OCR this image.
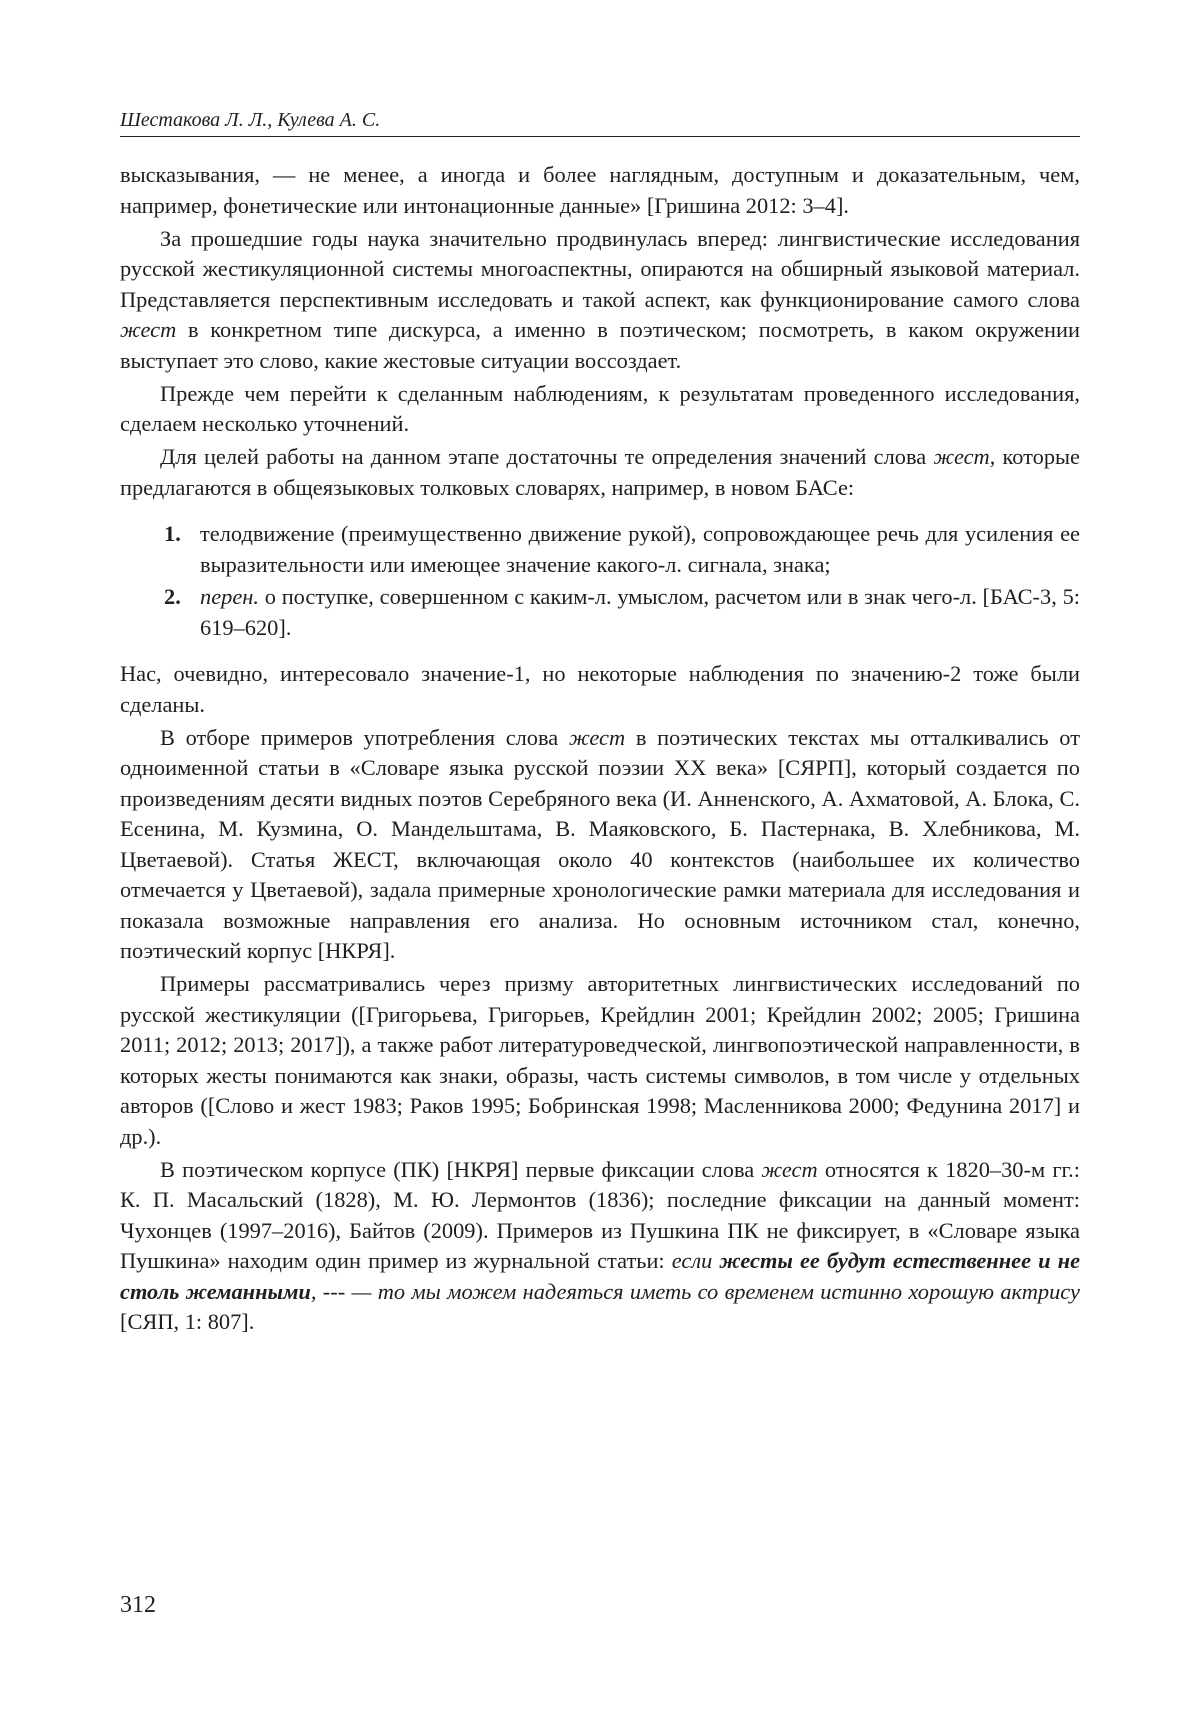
Шестакова Л. Л., Кулева А. С.

высказывания, — не менее, а иногда и более наглядным, доступным и доказательным, чем, например, фонетические или интонационные данные» [Гришина 2012: 3–4].

За прошедшие годы наука значительно продвинулась вперед: лингвистические исследования русской жестикуляционной системы многоаспектны, опираются на обширный языковой материал. Представляется перспективным исследовать и такой аспект, как функционирование самого слова жест в конкретном типе дискурса, а именно в поэтическом; посмотреть, в каком окружении выступает это слово, какие жестовые ситуации воссоздает.

Прежде чем перейти к сделанным наблюдениям, к результатам проведенного исследования, сделаем несколько уточнений.

Для целей работы на данном этапе достаточны те определения значений слова жест, которые предлагаются в общеязыковых толковых словарях, например, в новом БАСе:

1. телодвижение (преимущественно движение рукой), сопровождающее речь для усиления ее выразительности или имеющее значение какого-л. сигнала, знака;
2. перен. о поступке, совершенном с каким-л. умыслом, расчетом или в знак чего-л. [БАС-3, 5: 619–620].

Нас, очевидно, интересовало значение-1, но некоторые наблюдения по значению-2 тоже были сделаны.

В отборе примеров употребления слова жест в поэтических текстах мы отталкивались от одноименной статьи в «Словаре языка русской поэзии XX века» [СЯРП], который создается по произведениям десяти видных поэтов Серебряного века (И. Анненского, А. Ахматовой, А. Блока, С. Есенина, М. Кузмина, О. Мандельштама, В. Маяковского, Б. Пастернака, В. Хлебникова, М. Цветаевой). Статья ЖЕСТ, включающая около 40 контекстов (наибольшее их количество отмечается у Цветаевой), задала примерные хронологические рамки материала для исследования и показала возможные направления его анализа. Но основным источником стал, конечно, поэтический корпус [НКРЯ].

Примеры рассматривались через призму авторитетных лингвистических исследований по русской жестикуляции ([Григорьева, Григорьев, Крейдлин 2001; Крейдлин 2002; 2005; Гришина 2011; 2012; 2013; 2017]), а также работ литературоведческой, лингвопоэтической направленности, в которых жесты понимаются как знаки, образы, часть системы символов, в том числе у отдельных авторов ([Слово и жест 1983; Раков 1995; Бобринская 1998; Масленникова 2000; Федунина 2017] и др.).

В поэтическом корпусе (ПК) [НКРЯ] первые фиксации слова жест относятся к 1820–30-м гг.: К. П. Масальский (1828), М. Ю. Лермонтов (1836); последние фиксации на данный момент: Чухонцев (1997–2016), Байтов (2009). Примеров из Пушкина ПК не фиксирует, в «Словаре языка Пушкина» находим один пример из журнальной статьи: если жесты ее будут естественнее и не столь жеманными, --- — то мы можем надеяться иметь со временем истинно хорошую актрису [СЯП, 1: 807].

312
